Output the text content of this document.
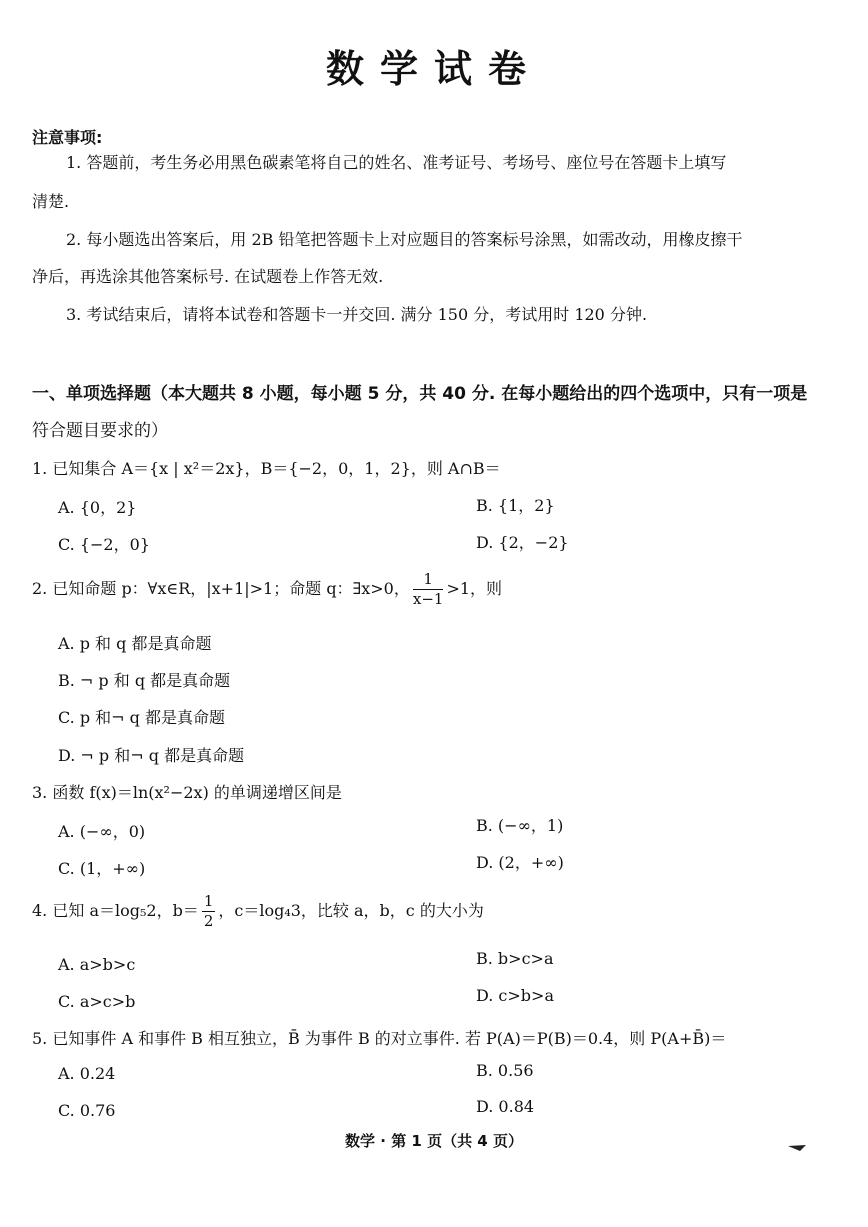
数学试卷
注意事项:
1. 答题前，考生务必用黑色碳素笔将自己的姓名、准考证号、考场号、座位号在答题卡上填写
清楚.
2. 每小题选出答案后，用 2B 铅笔把答题卡上对应题目的答案标号涂黑，如需改动，用橡皮擦干
净后，再选涂其他答案标号. 在试题卷上作答无效.
3. 考试结束后，请将本试卷和答题卡一并交回. 满分 150 分，考试用时 120 分钟.
一、单项选择题（本大题共 8 小题，每小题 5 分，共 40 分. 在每小题给出的四个选项中，只有一项是
符合题目要求的）
1. 已知集合 A＝{x | x²＝2x}，B＝{−2，0，1，2}，则 A∩B＝
A. {0，2}	B. {1，2}
C. {−2，0}	D. {2，−2}
2. 已知命题 p：∀x∈R，|x+1|>1；命题 q：∃x>0， $\frac{1}{x-1} >1$，则
A. p 和 q 都是真命题
B. ¬ p 和 q 都是真命题
C. p 和¬ q 都是真命题
D. ¬ p 和¬ q 都是真命题
3. 函数 f(x)＝ln(x²−2x) 的单调递增区间是
A. (−∞，0)	B. (−∞，1)
C. (1，+∞)	D. (2，+∞)
4. 已知 a＝log₅2，$b= \frac{1}{2}$ ，c＝log₄3，比较 a，b，c 的大小为
A. a>b>c	B. b>c>a
C. a>c>b	D. c>b>a
5. 已知事件 A 和事件 B 相互独立，B̄ 为事件 B 的对立事件. 若 P(A)＝P(B)＝0.4，则 P(A+B̄)＝
A. 0.24	B. 0.56
C. 0.76	D. 0.84
数学 · 第 1 页（共 4 页）
